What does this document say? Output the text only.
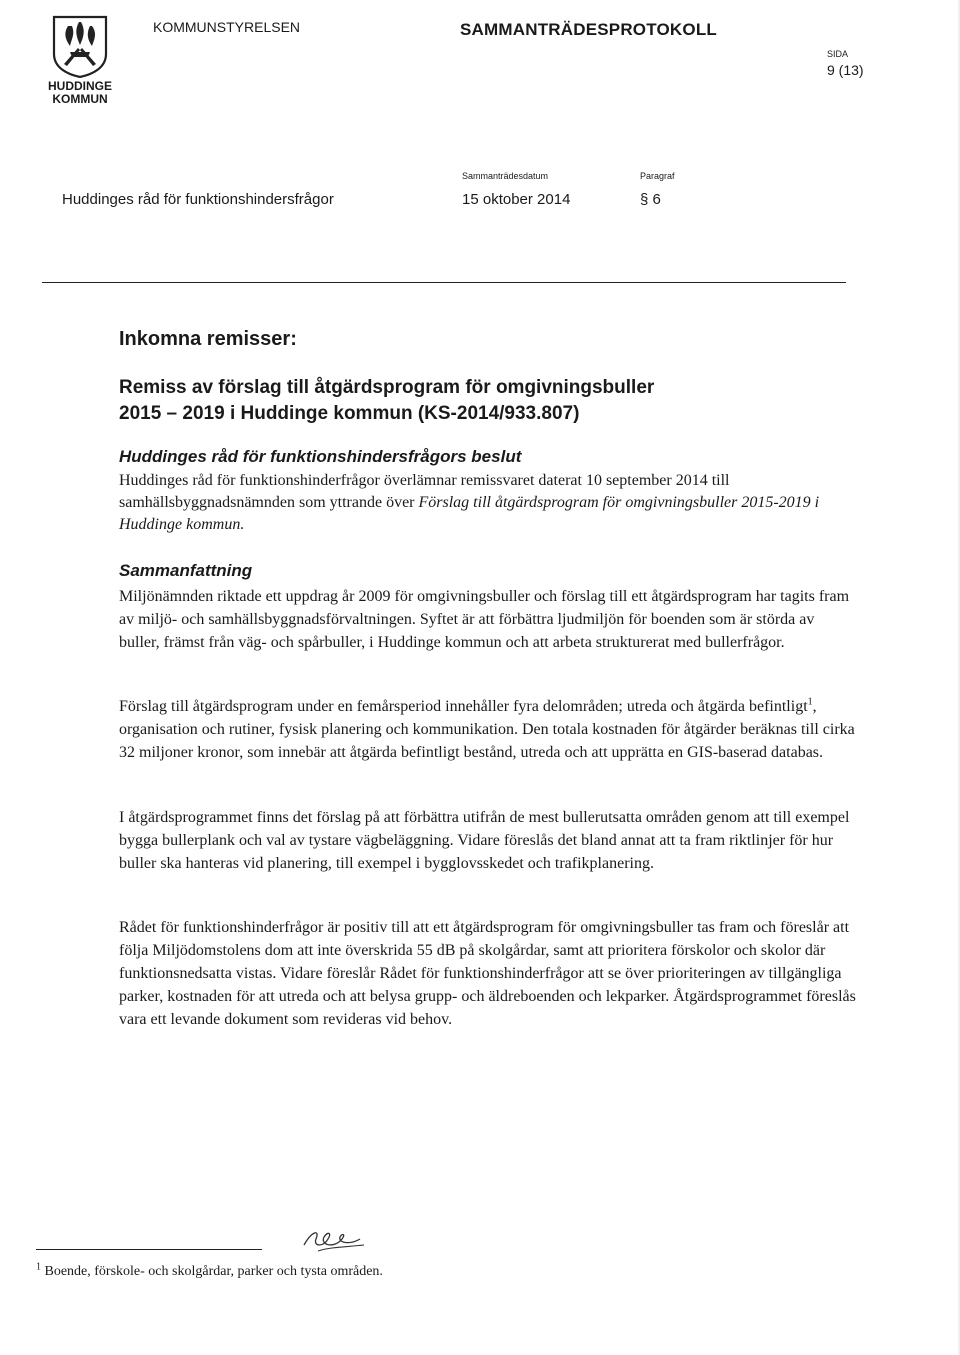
HUDDINGE
KOMMUN
KOMMUNSTYRELSEN	SAMMANTRÄDESPROTOKOLL
SIDA
9 (13)
Huddinges råd för funktionshindersfrågor
Sammanträdesdatum
15 oktober 2014
Paragraf
§ 6
Inkomna remisser:
Remiss av förslag till åtgärdsprogram för omgivningsbuller
2015 – 2019 i Huddinge kommun (KS-2014/933.807)
Huddinges råd för funktionshindersfrågors beslut
Huddinges råd för funktionshinderfrågor överlämnar remissvaret daterat 10 september 2014 till samhällsbyggnadsnämnden som yttrande över Förslag till åtgärdsprogram för omgivningsbuller 2015-2019 i Huddinge kommun.
Sammanfattning
Miljönämnden riktade ett uppdrag år 2009 för omgivningsbuller och förslag till ett åtgärdsprogram har tagits fram av miljö- och samhällsbyggnadsförvaltningen. Syftet är att förbättra ljudmiljön för boenden som är störda av buller, främst från väg- och spårbuller, i Huddinge kommun och att arbeta strukturerat med bullerfrågor.
Förslag till åtgärdsprogram under en femårsperiod innehåller fyra delområden; utreda och åtgärda befintligt$^1$, organisation och rutiner, fysisk planering och kommunikation. Den totala kostnaden för åtgärder beräknas till cirka 32 miljoner kronor, som innebär att åtgärda befintligt bestånd, utreda och att upprätta en GIS-baserad databas.
I åtgärdsprogrammet finns det förslag på att förbättra utifrån de mest bullerutsatta områden genom att till exempel bygga bullerplank och val av tystare vägbeläggning. Vidare föreslås det bland annat att ta fram riktlinjer för hur buller ska hanteras vid planering, till exempel i bygglovsskedet och trafikplanering.
Rådet för funktionshinderfrågor är positiv till att ett åtgärdsprogram för omgivningsbuller tas fram och föreslår att följa Miljödomstolens dom att inte överskrida 55 dB på skolgårdar, samt att prioritera förskolor och skolor där funktionsnedsatta vistas. Vidare föreslår Rådet för funktionshinderfrågor att se över prioriteringen av tillgängliga parker, kostnaden för att utreda och att belysa grupp- och äldreboenden och lekparker. Åtgärdsprogrammet föreslås vara ett levande dokument som revideras vid behov.
$^1$ Boende, förskole- och skolgårdar, parker och tysta områden.
